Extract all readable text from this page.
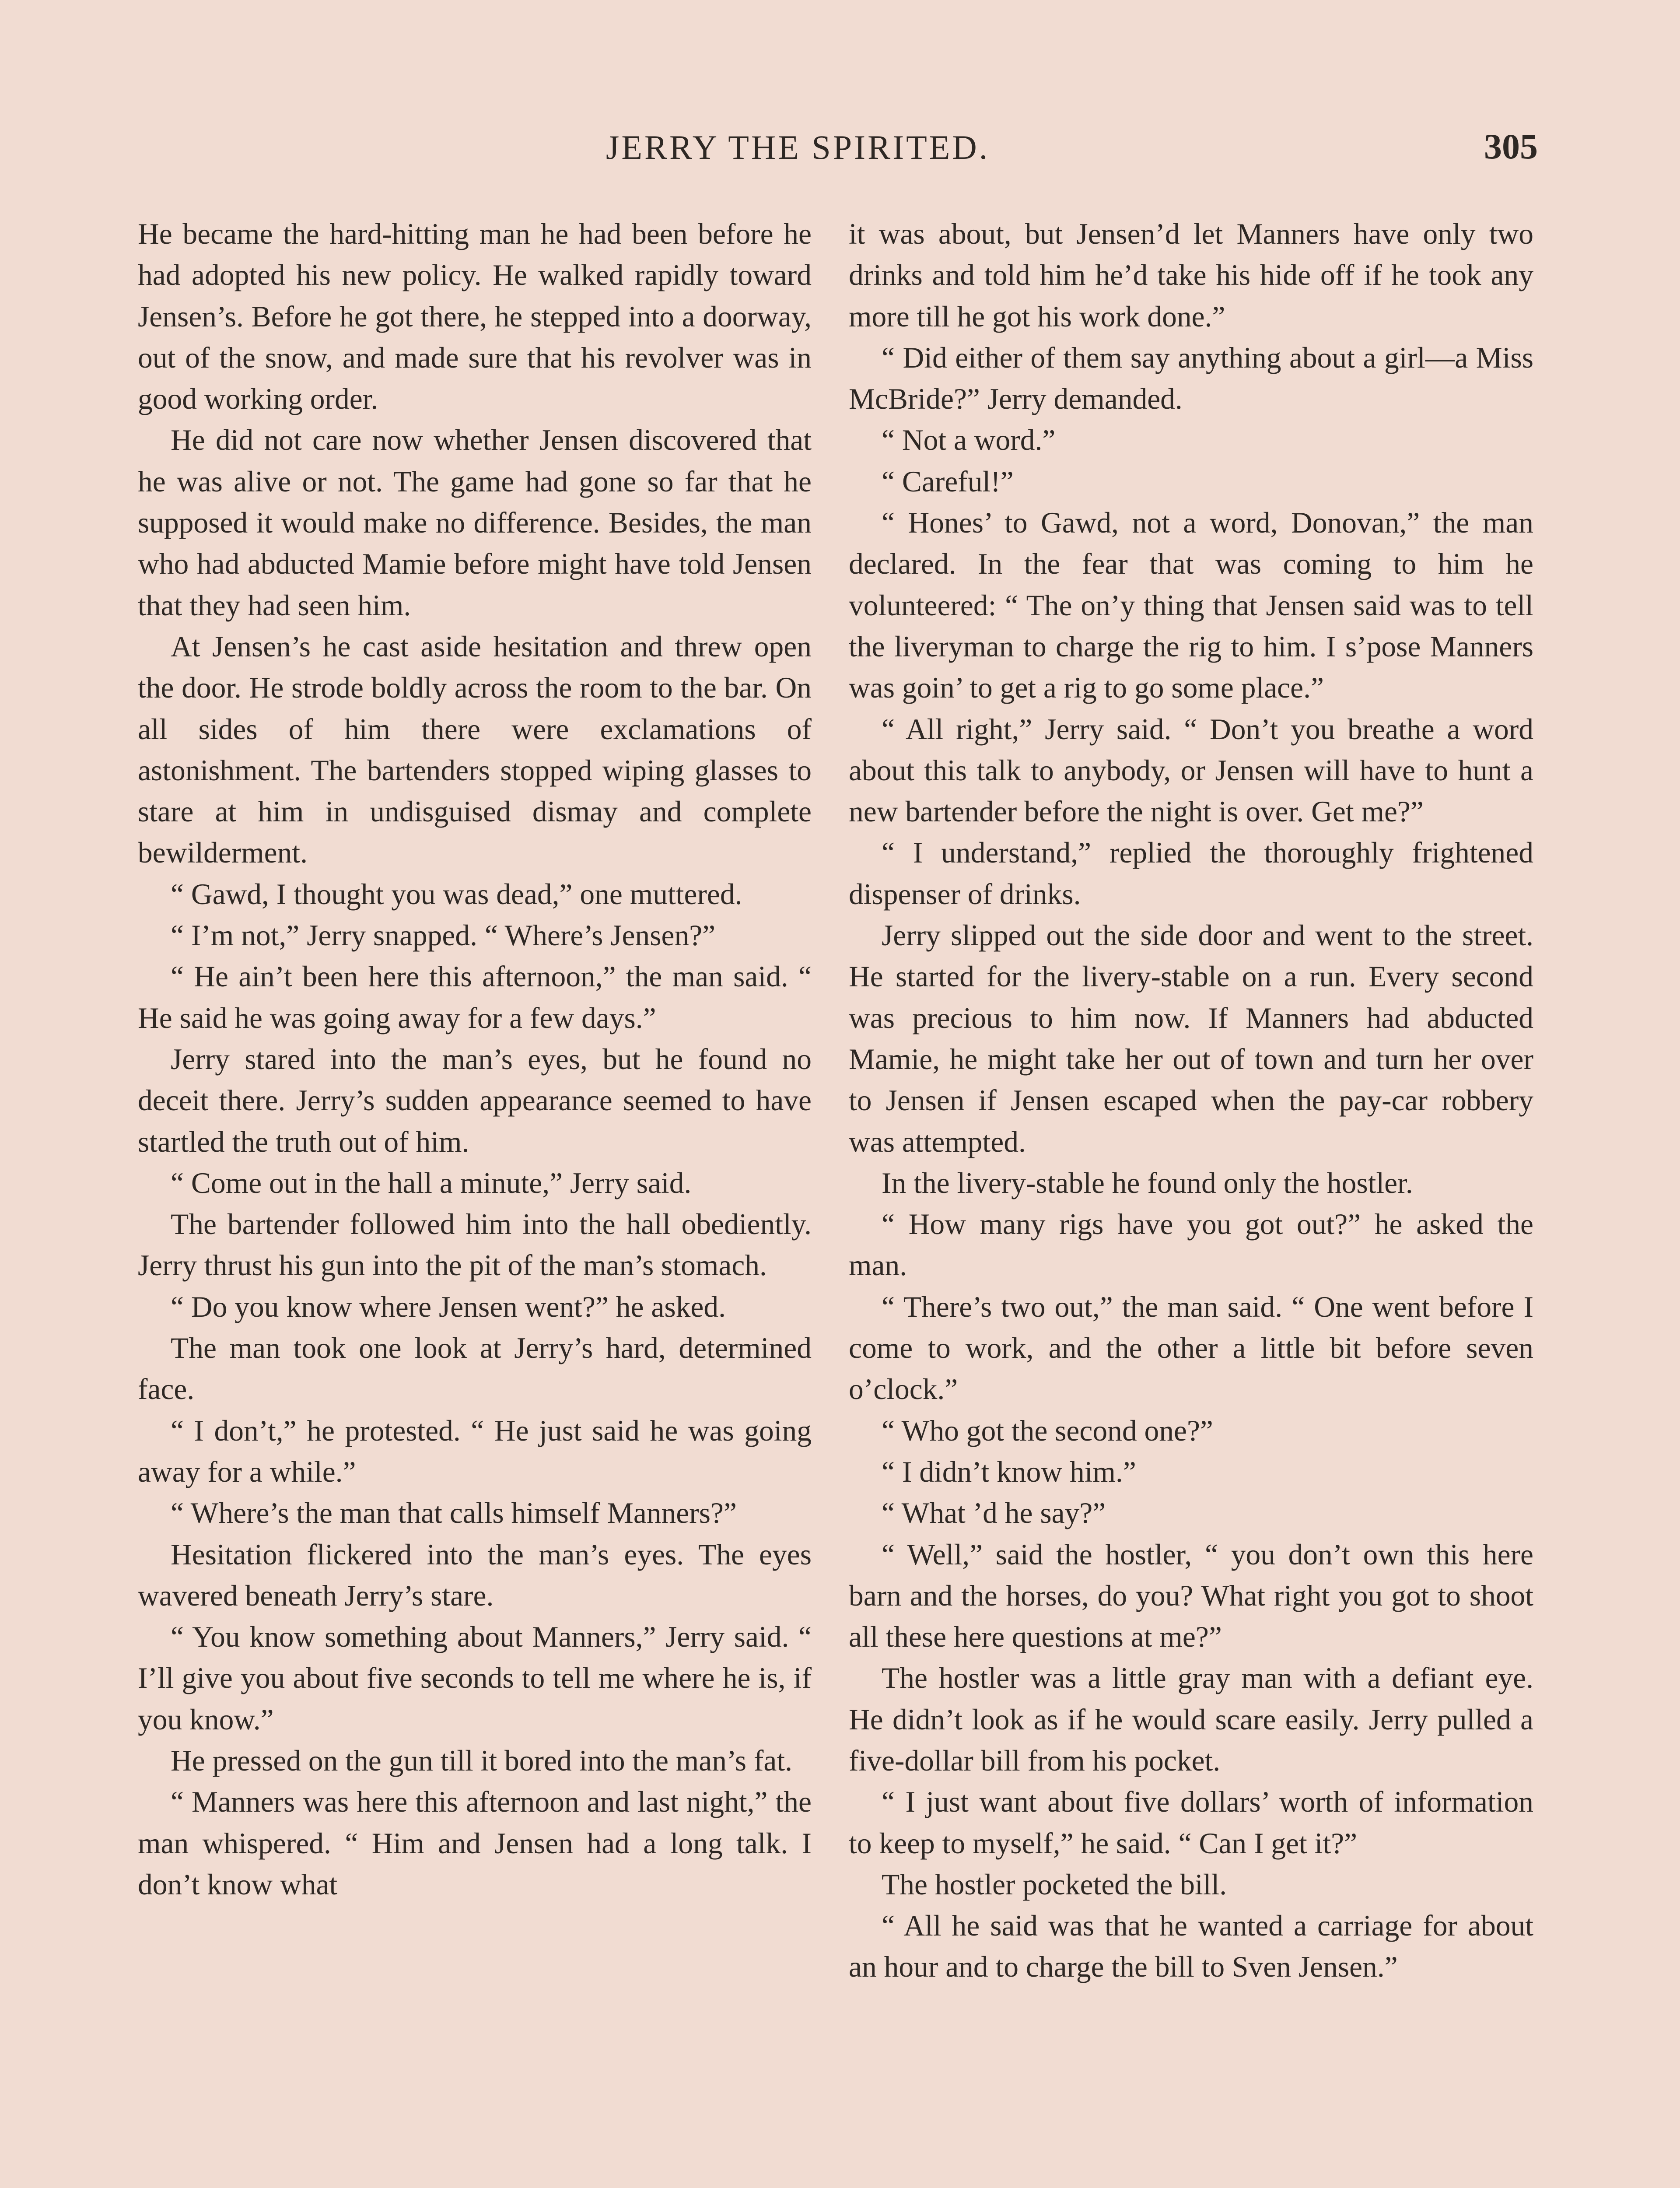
JERRY THE SPIRITED.	305

He became the hard-hitting man he had been before he had adopted his new policy. He walked rapidly toward Jensen’s. Before he got there, he stepped into a doorway, out of the snow, and made sure that his revolver was in good working order.

He did not care now whether Jensen discovered that he was alive or not. The game had gone so far that he supposed it would make no difference. Besides, the man who had abducted Mamie before might have told Jensen that they had seen him.

At Jensen’s he cast aside hesitation and threw open the door. He strode boldly across the room to the bar. On all sides of him there were exclamations of astonishment. The bartenders stopped wiping glasses to stare at him in undisguised dismay and complete bewilderment.

“ Gawd, I thought you was dead,” one muttered.

“ I’m not,” Jerry snapped. “ Where’s Jensen?”

“ He ain’t been here this afternoon,” the man said. “ He said he was going away for a few days.”

Jerry stared into the man’s eyes, but he found no deceit there. Jerry’s sudden appearance seemed to have startled the truth out of him.

“ Come out in the hall a minute,” Jerry said.

The bartender followed him into the hall obediently. Jerry thrust his gun into the pit of the man’s stomach.

“ Do you know where Jensen went?” he asked.

The man took one look at Jerry’s hard, determined face.

“ I don’t,” he protested. “ He just said he was going away for a while.”

“ Where’s the man that calls himself Manners?”

Hesitation flickered into the man’s eyes. The eyes wavered beneath Jerry’s stare.

“ You know something about Manners,” Jerry said. “ I’ll give you about five seconds to tell me where he is, if you know.”

He pressed on the gun till it bored into the man’s fat.

“ Manners was here this afternoon and last night,” the man whispered. “ Him and Jensen had a long talk. I don’t know what

it was about, but Jensen’d let Manners have only two drinks and told him he’d take his hide off if he took any more till he got his work done.”

“ Did either of them say anything about a girl—a Miss McBride?” Jerry demanded.

“ Not a word.”

“ Careful!”

“ Hones’ to Gawd, not a word, Donovan,” the man declared. In the fear that was coming to him he volunteered: “ The on’y thing that Jensen said was to tell the liveryman to charge the rig to him. I s’pose Manners was goin’ to get a rig to go some place.”

“ All right,” Jerry said. “ Don’t you breathe a word about this talk to anybody, or Jensen will have to hunt a new bartender before the night is over. Get me?”

“ I understand,” replied the thoroughly frightened dispenser of drinks.

Jerry slipped out the side door and went to the street. He started for the livery-stable on a run. Every second was precious to him now. If Manners had abducted Mamie, he might take her out of town and turn her over to Jensen if Jensen escaped when the pay-car robbery was attempted.

In the livery-stable he found only the hostler.

“ How many rigs have you got out?” he asked the man.

“ There’s two out,” the man said. “ One went before I come to work, and the other a little bit before seven o’clock.”

“ Who got the second one?”

“ I didn’t know him.”

“ What ’d he say?”

“ Well,” said the hostler, “ you don’t own this here barn and the horses, do you? What right you got to shoot all these here questions at me?”

The hostler was a little gray man with a defiant eye. He didn’t look as if he would scare easily. Jerry pulled a five-dollar bill from his pocket.

“ I just want about five dollars’ worth of information to keep to myself,” he said. “ Can I get it?”

The hostler pocketed the bill.

“ All he said was that he wanted a carriage for about an hour and to charge the bill to Sven Jensen.”
